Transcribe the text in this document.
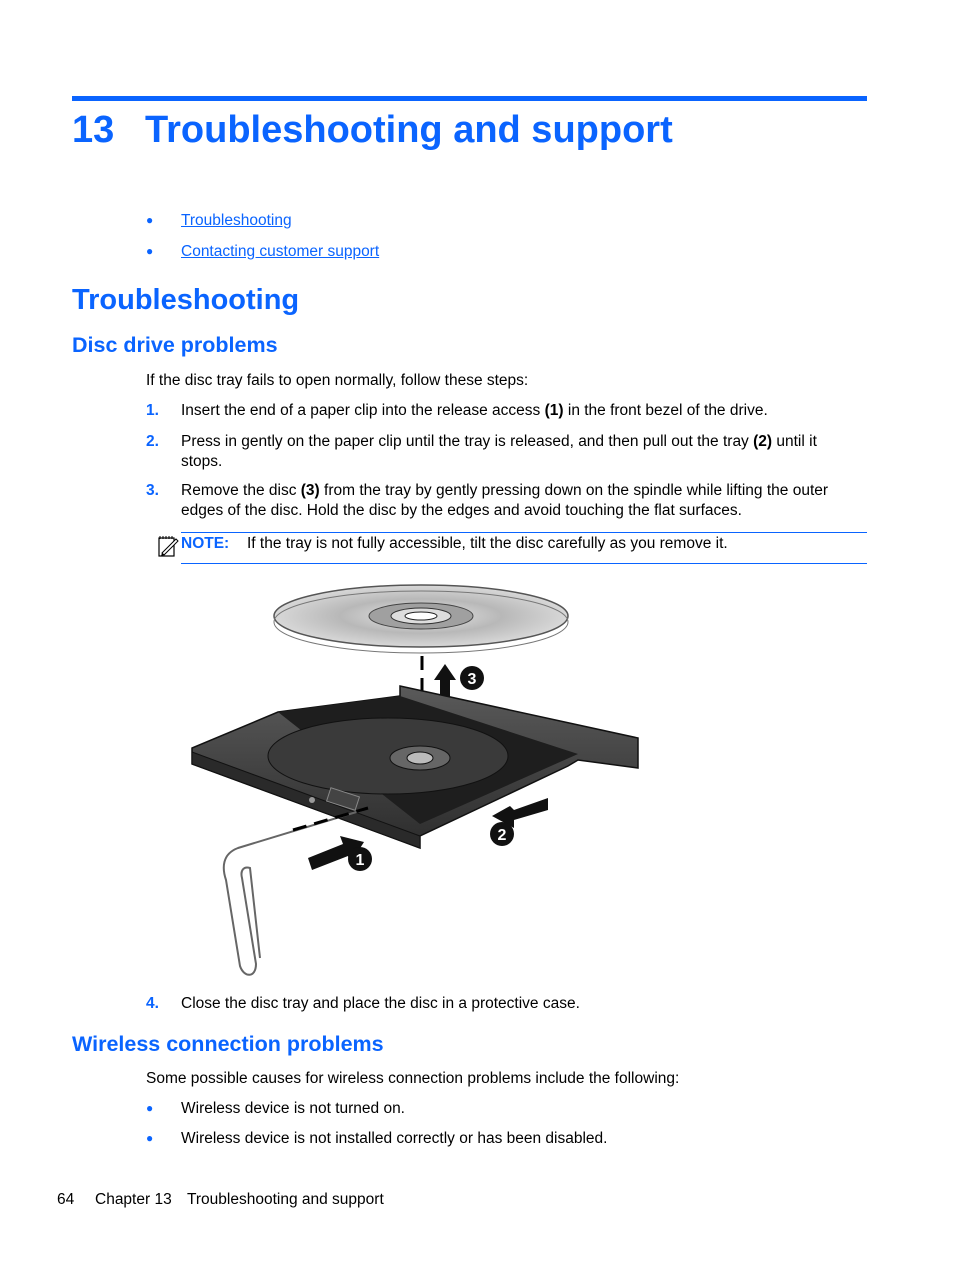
13 Troubleshooting and support
● Troubleshooting
● Contacting customer support
Troubleshooting
Disc drive problems
If the disc tray fails to open normally, follow these steps:
1. Insert the end of a paper clip into the release access (1) in the front bezel of the drive.
2. Press in gently on the paper clip until the tray is released, and then pull out the tray (2) until it stops.
3. Remove the disc (3) from the tray by gently pressing down on the spindle while lifting the outer edges of the disc. Hold the disc by the edges and avoid touching the flat surfaces.
NOTE: If the tray is not fully accessible, tilt the disc carefully as you remove it.
3
1
2
4. Close the disc tray and place the disc in a protective case.
Wireless connection problems
Some possible causes for wireless connection problems include the following:
● Wireless device is not turned on.
● Wireless device is not installed correctly or has been disabled.
64 Chapter 13 Troubleshooting and support
